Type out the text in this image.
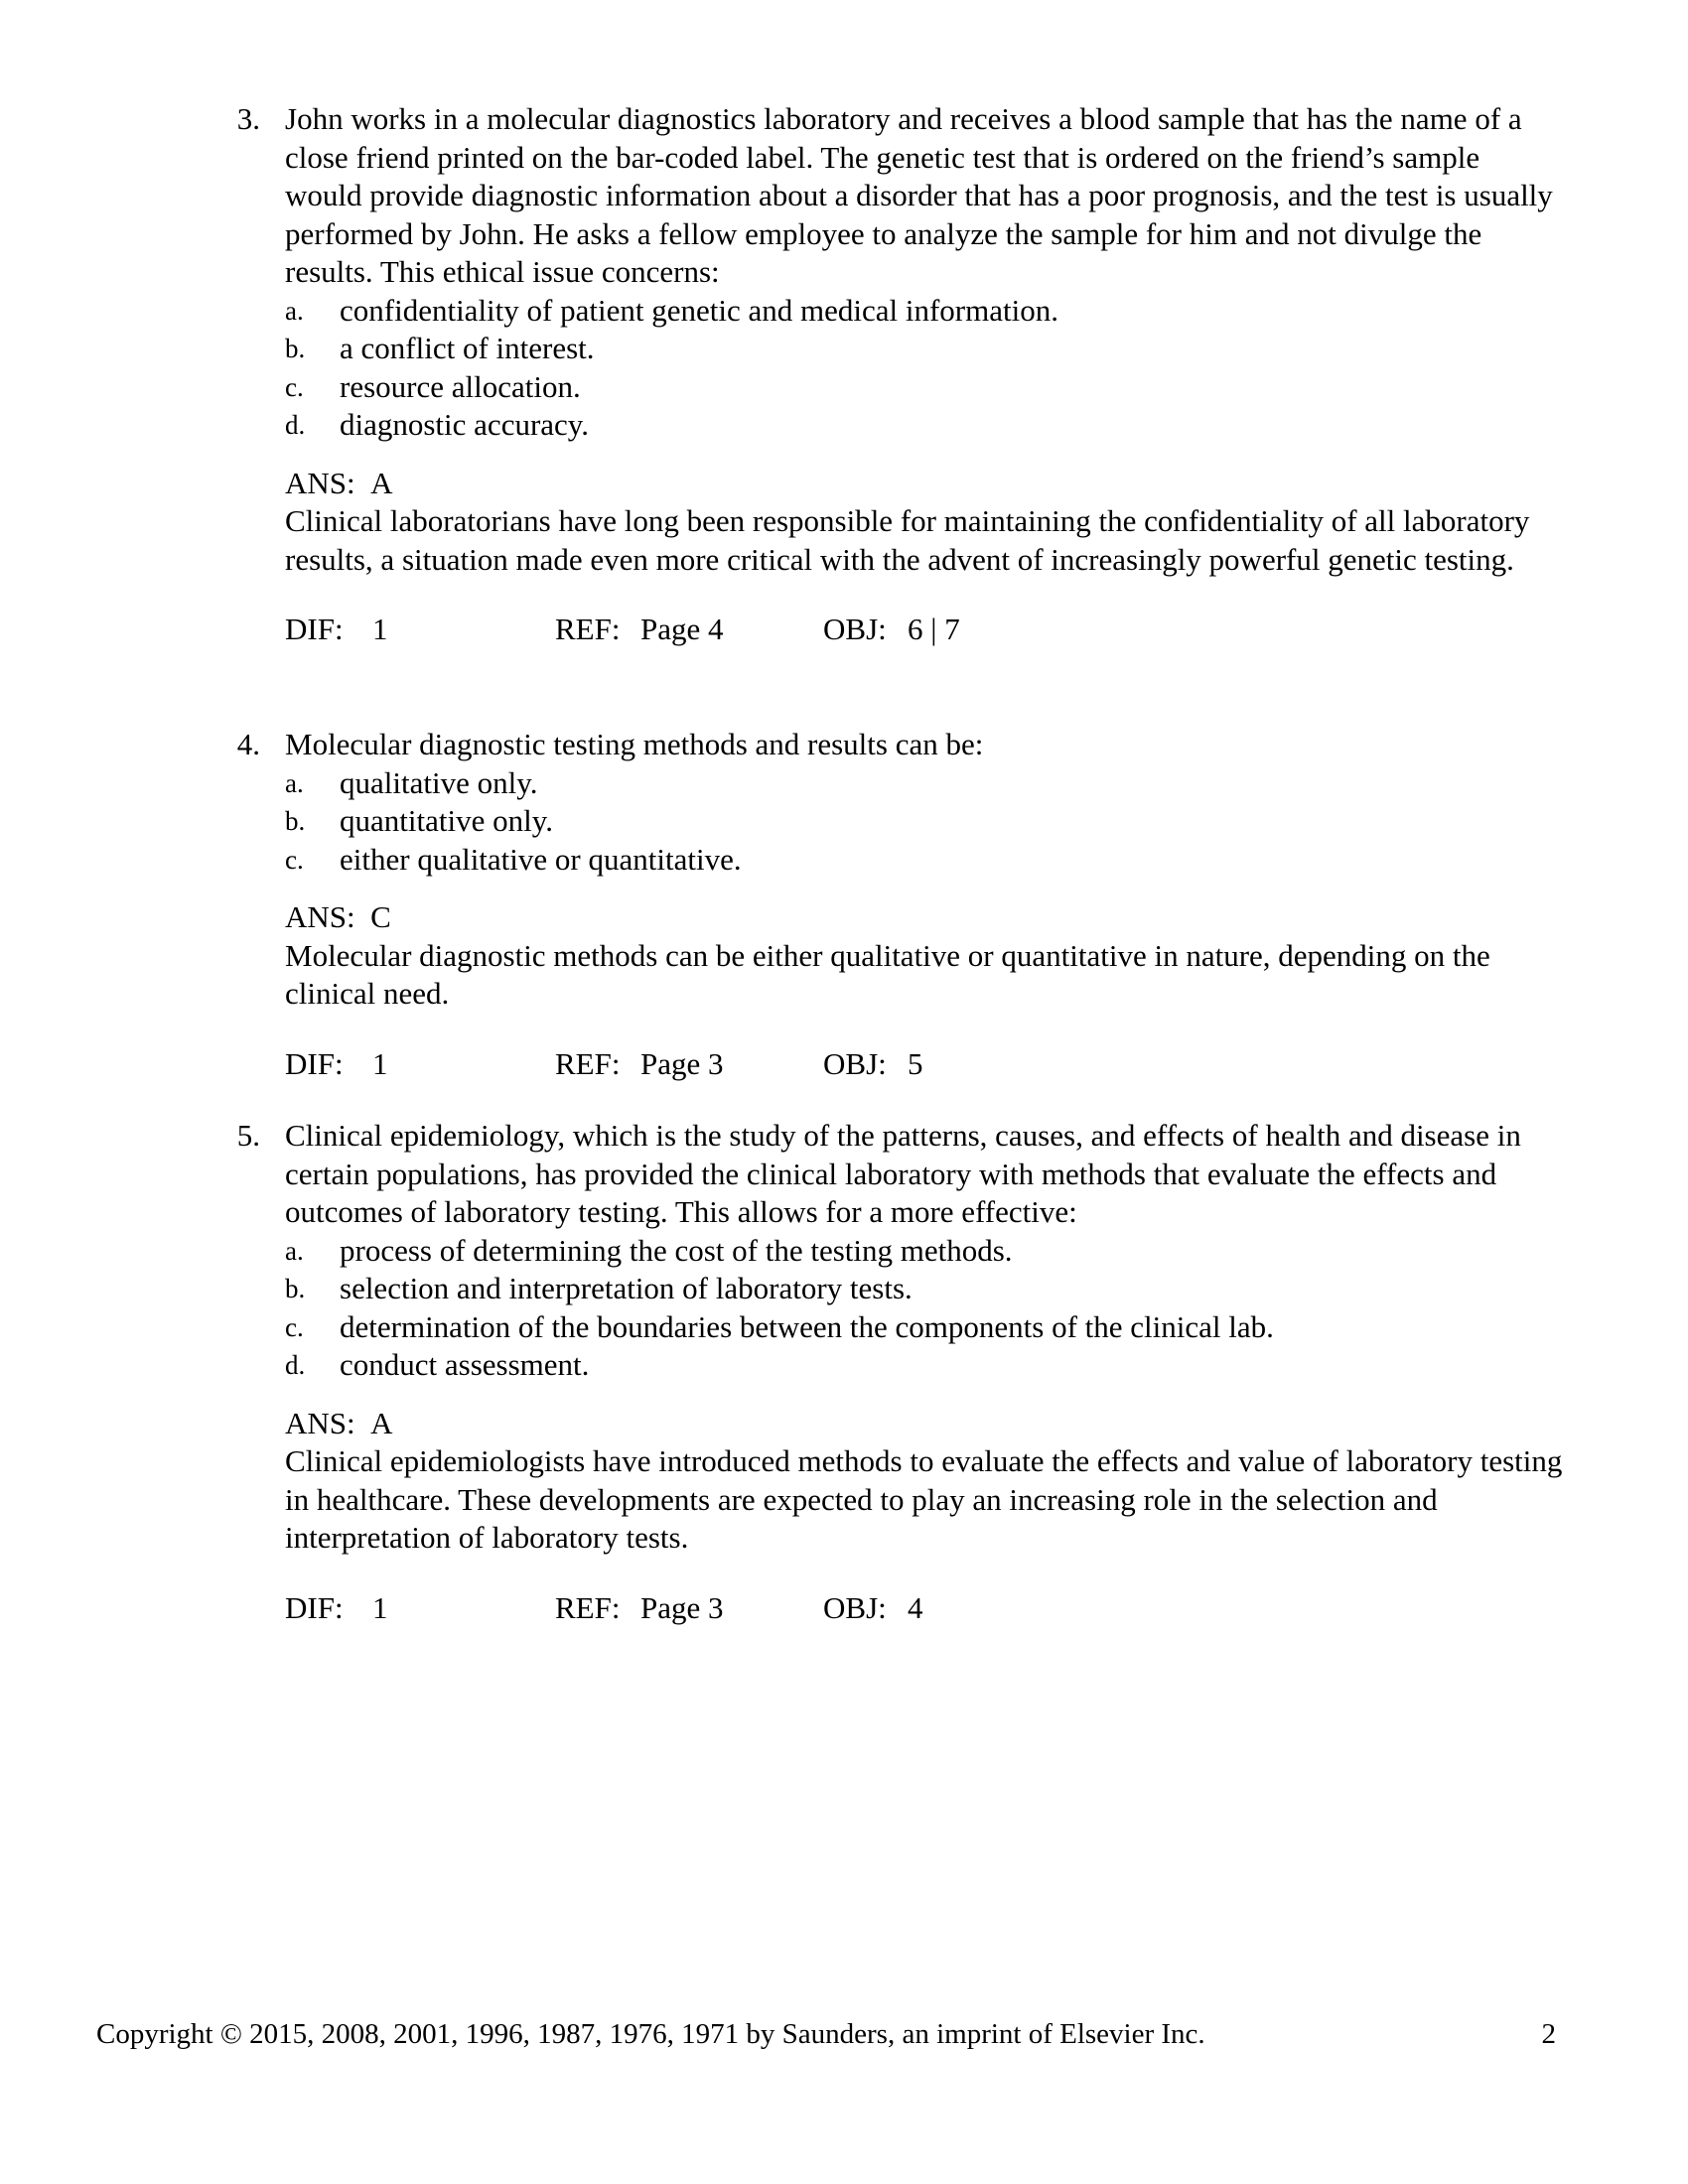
3. John works in a molecular diagnostics laboratory and receives a blood sample that has the name of a close friend printed on the bar-coded label. The genetic test that is ordered on the friend’s sample would provide diagnostic information about a disorder that has a poor prognosis, and the test is usually performed by John. He asks a fellow employee to analyze the sample for him and not divulge the results. This ethical issue concerns:
a. confidentiality of patient genetic and medical information.
b. a conflict of interest.
c. resource allocation.
d. diagnostic accuracy.
ANS: A
Clinical laboratorians have long been responsible for maintaining the confidentiality of all laboratory results, a situation made even more critical with the advent of increasingly powerful genetic testing.
DIF: 1	REF: Page 4	OBJ: 6 | 7
4. Molecular diagnostic testing methods and results can be:
a. qualitative only.
b. quantitative only.
c. either qualitative or quantitative.
ANS: C
Molecular diagnostic methods can be either qualitative or quantitative in nature, depending on the clinical need.
DIF: 1	REF: Page 3	OBJ: 5
5. Clinical epidemiology, which is the study of the patterns, causes, and effects of health and disease in certain populations, has provided the clinical laboratory with methods that evaluate the effects and outcomes of laboratory testing. This allows for a more effective:
a. process of determining the cost of the testing methods.
b. selection and interpretation of laboratory tests.
c. determination of the boundaries between the components of the clinical lab.
d. conduct assessment.
ANS: A
Clinical epidemiologists have introduced methods to evaluate the effects and value of laboratory testing in healthcare. These developments are expected to play an increasing role in the selection and interpretation of laboratory tests.
DIF: 1	REF: Page 3	OBJ: 4
Copyright © 2015, 2008, 2001, 1996, 1987, 1976, 1971 by Saunders, an imprint of Elsevier Inc.	2
